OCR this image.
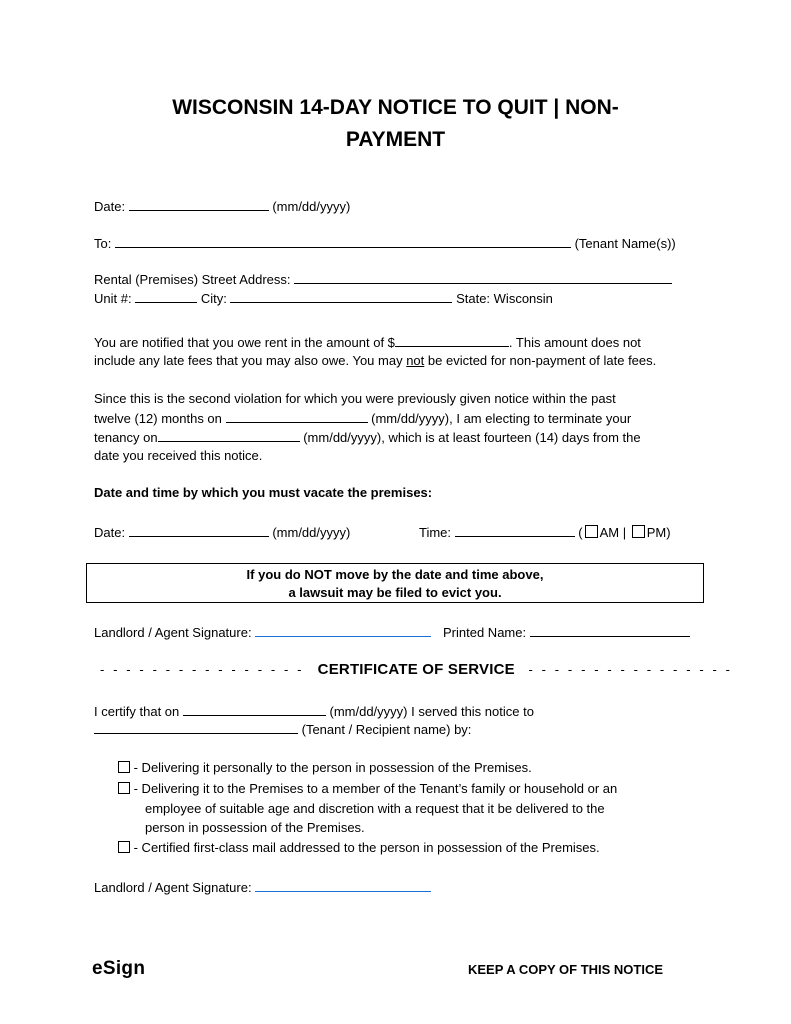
WISCONSIN 14-DAY NOTICE TO QUIT | NON-
PAYMENT
Date:	(mm/dd/yyyy)
To:	(Tenant Name(s))
Rental (Premises) Street Address:
Unit #:	City:	State: Wisconsin
You are notified that you owe rent in the amount of $	. This amount does not
include any late fees that you may also owe. You may not be evicted for non-payment of late fees.
Since this is the second violation for which you were previously given notice within the past
twelve (12) months on	(mm/dd/yyyy), I am electing to terminate your
tenancy on	(mm/dd/yyyy), which is at least fourteen (14) days from the
date you received this notice.
Date and time by which you must vacate the premises:
Date:	(mm/dd/yyyy)	Time:	( AM | PM)
If you do NOT move by the date and time above,
a lawsuit may be filed to evict you.
Landlord / Agent Signature:	Printed Name:
- - - - - - - - - - - - - - - - CERTIFICATE OF SERVICE - - - - - - - - - - - - - - - -
I certify that on	(mm/dd/yyyy) I served this notice to
(Tenant / Recipient name) by:
- Delivering it personally to the person in possession of the Premises.
- Delivering it to the Premises to a member of the Tenant’s family or household or an
employee of suitable age and discretion with a request that it be delivered to the
person in possession of the Premises.
- Certified first-class mail addressed to the person in possession of the Premises.
Landlord / Agent Signature:
eSign	KEEP A COPY OF THIS NOTICE
